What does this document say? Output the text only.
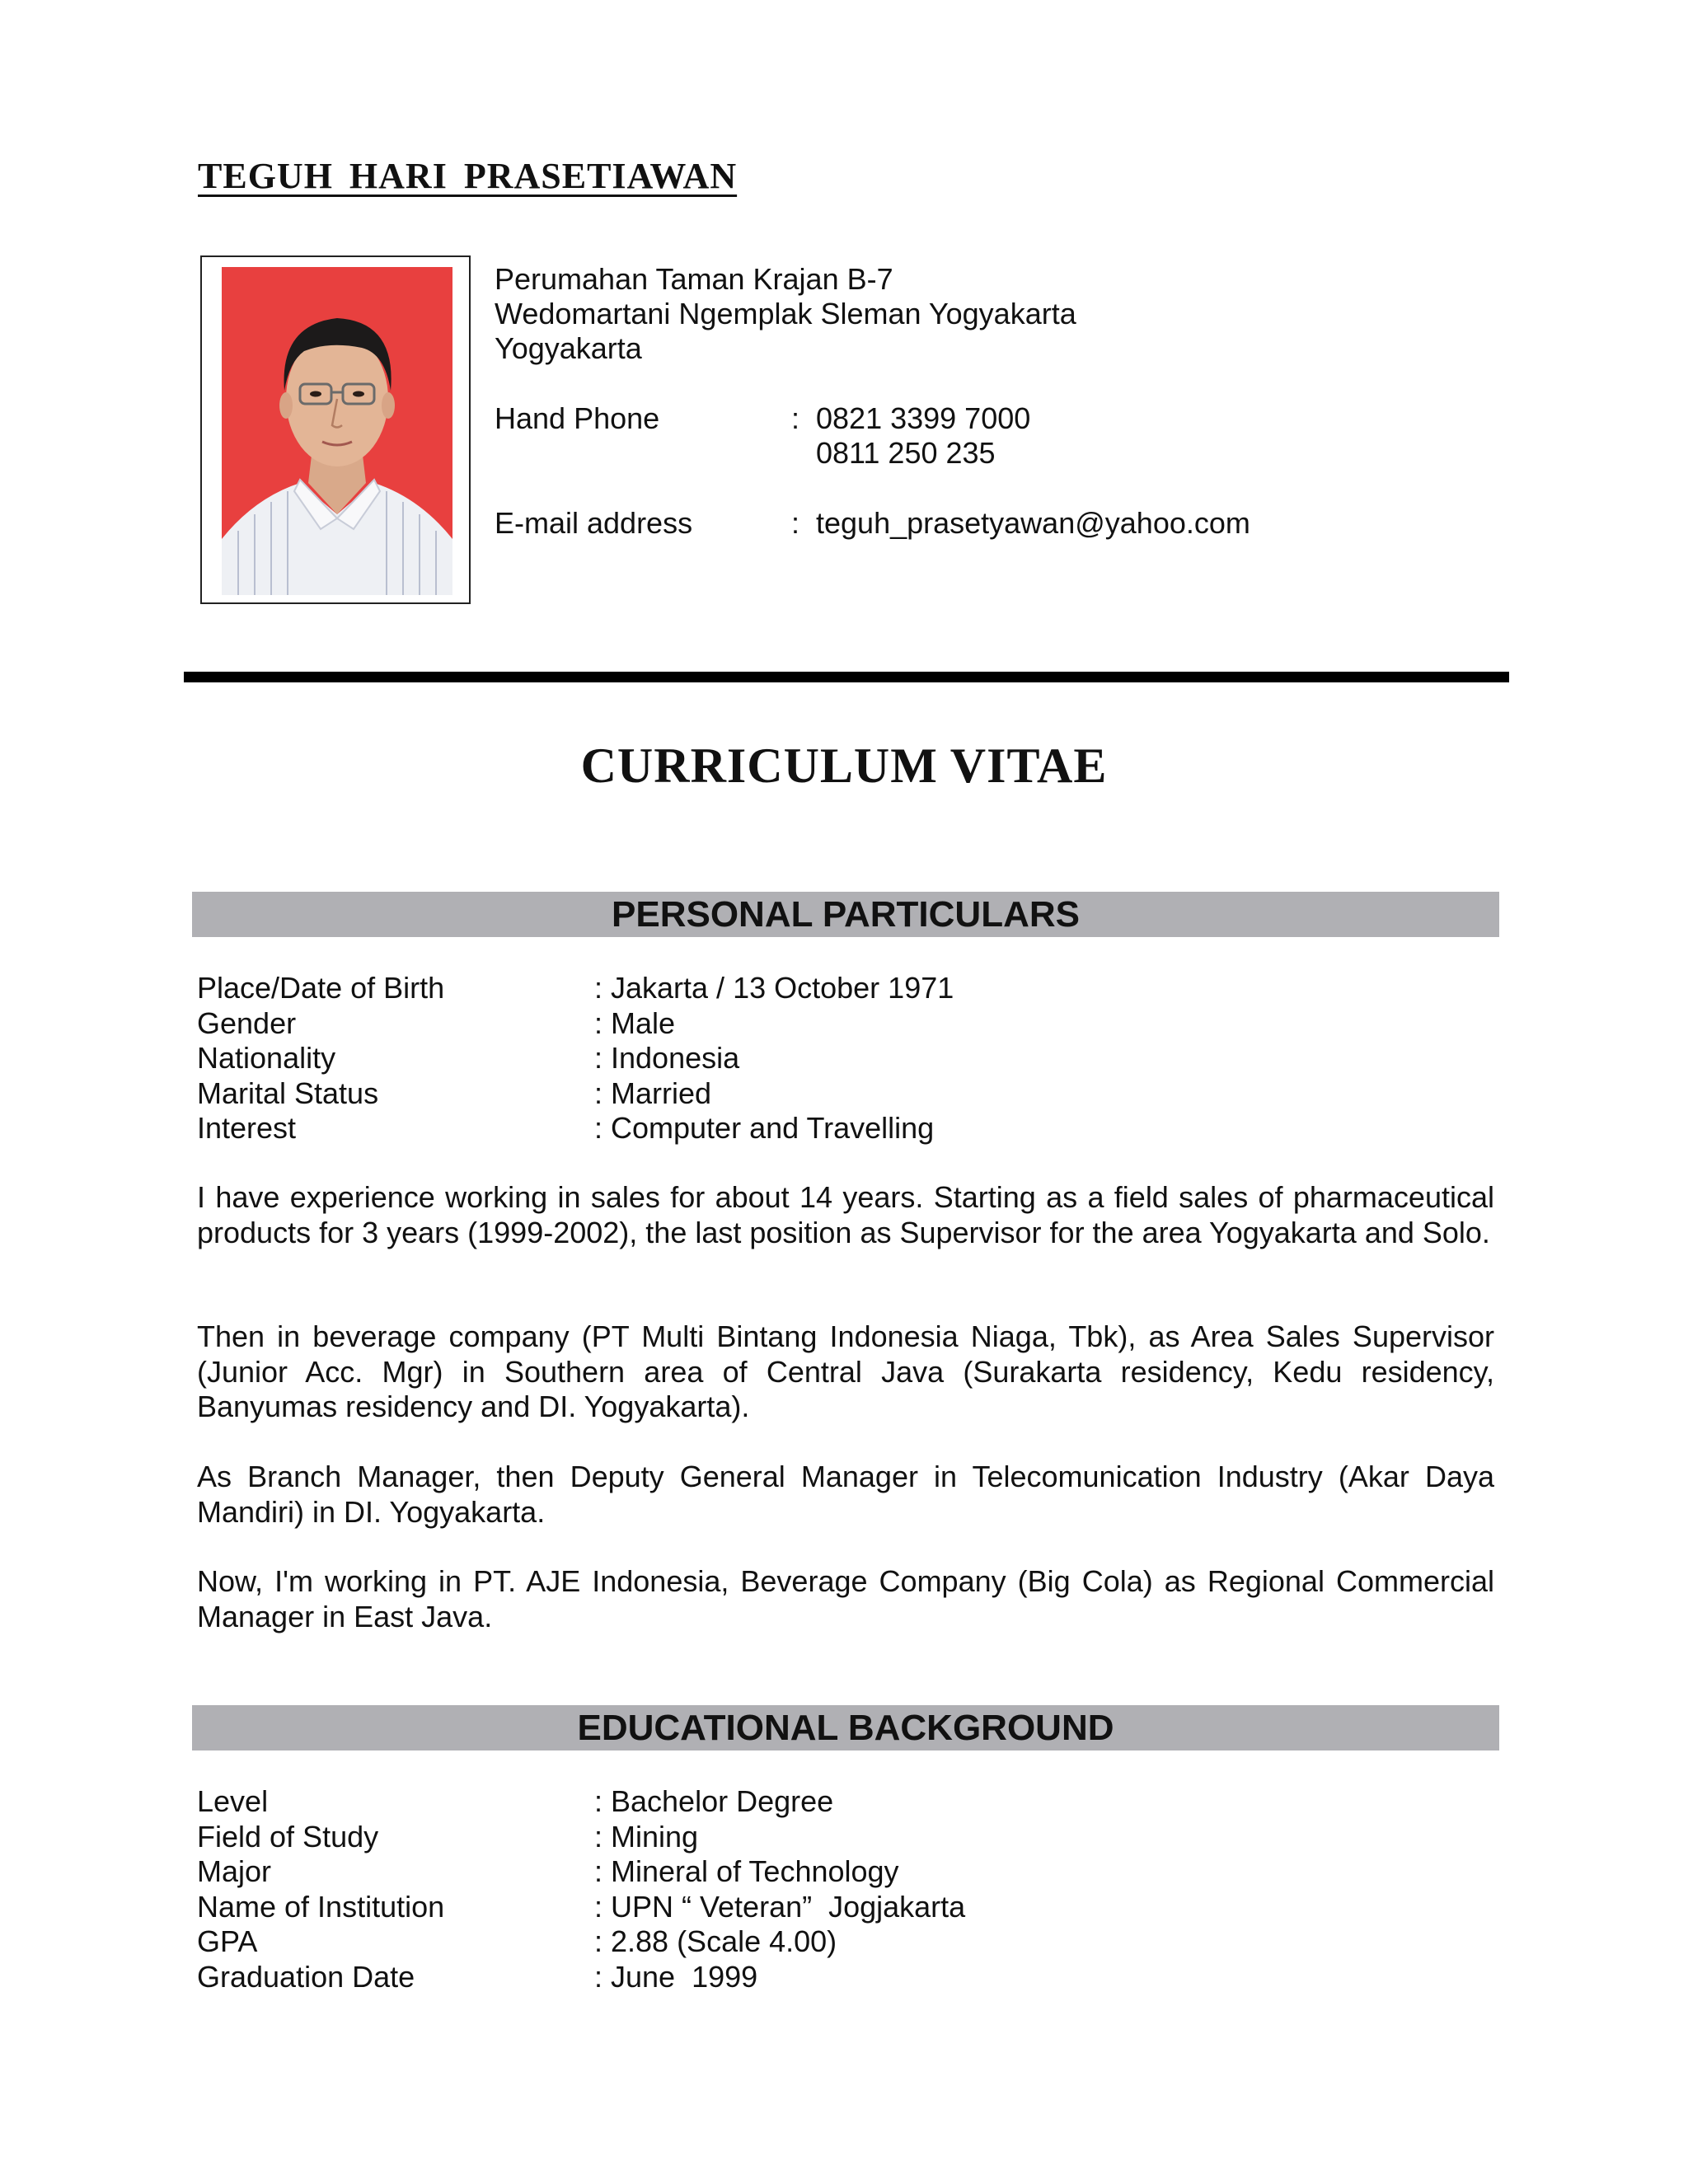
TEGUH HARI PRASETIAWAN
Perumahan Taman Krajan B-7
Wedomartani Ngemplak Sleman Yogyakarta
Yogyakarta
Hand Phone	: 0821 3399 7000
0811 250 235
E-mail address	: teguh_prasetyawan@yahoo.com
CURRICULUM VITAE
PERSONAL PARTICULARS
Place/Date of Birth	: Jakarta / 13 October 1971
Gender	: Male
Nationality	: Indonesia
Marital Status	: Married
Interest	: Computer and Travelling
I have experience working in sales for about 14 years. Starting as a field sales of pharmaceutical products for 3 years (1999-2002), the last position as Supervisor for the area Yogyakarta and Solo.
Then in beverage company (PT Multi Bintang Indonesia Niaga, Tbk), as Area Sales Supervisor (Junior Acc. Mgr) in Southern area of Central Java (Surakarta residency, Kedu residency, Banyumas residency and DI. Yogyakarta).
As Branch Manager, then Deputy General Manager in Telecomunication Industry (Akar Daya Mandiri) in DI. Yogyakarta.
Now, I'm working in PT. AJE Indonesia, Beverage Company (Big Cola) as Regional Commercial Manager in East Java.
EDUCATIONAL BACKGROUND
Level	: Bachelor Degree
Field of Study	: Mining
Major	: Mineral of Technology
Name of Institution	: UPN “ Veteran”  Jogjakarta
GPA	: 2.88 (Scale 4.00)
Graduation Date	: June  1999
